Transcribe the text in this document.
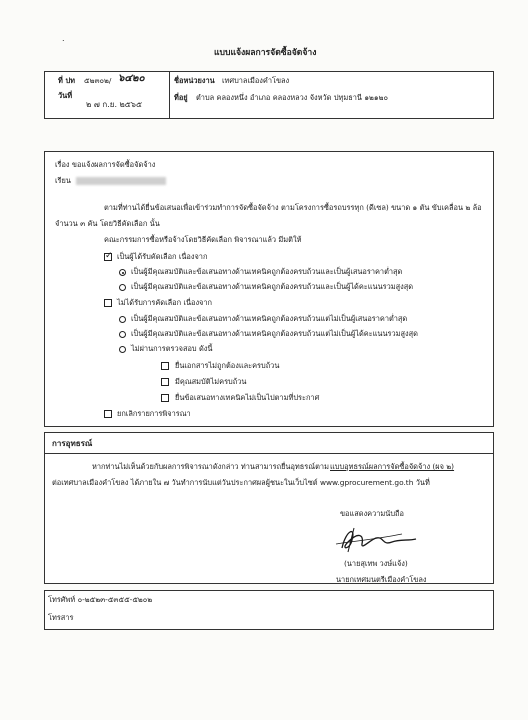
.
แบบแจ้งผลการจัดซื้อจัดจ้าง
ที่ ปท ๕๒๓๐๒/ ๖๔๒๐
วันที่
๒ ๗ ก.ย. ๒๕๖๕
ชื่อหน่วยงาน เทศบาลเมืองคำโขลง
ที่อยู่ ตำบล คลองหนึ่ง อำเภอ คลองหลวง จังหวัด ปทุมธานี ๑๒๑๒๐
เรื่อง ขอแจ้งผลการจัดซื้อจัดจ้าง
เรียน
ตามที่ท่านได้ยื่นข้อเสนอเพื่อเข้าร่วมทำการจัดซื้อจัดจ้าง ตามโครงการซื้อรถบรรทุก (ดีเซล) ขนาด ๑ ตัน ขับเคลื่อน ๒ ล้อ
จำนวน ๓ คัน โดยวิธีคัดเลือก นั้น
คณะกรรมการซื้อหรือจ้างโดยวิธีคัดเลือก พิจารณาแล้ว มีมติให้
✓
เป็นผู้ได้รับคัดเลือก เนื่องจาก
เป็นผู้มีคุณสมบัติและข้อเสนอทางด้านเทคนิคถูกต้องครบถ้วนและเป็นผู้เสนอราคาต่ำสุด
เป็นผู้มีคุณสมบัติและข้อเสนอทางด้านเทคนิคถูกต้องครบถ้วนและเป็นผู้ได้คะแนนรวมสูงสุด
ไม่ได้รับการคัดเลือก เนื่องจาก
เป็นผู้มีคุณสมบัติและข้อเสนอทางด้านเทคนิคถูกต้องครบถ้วนแต่ไม่เป็นผู้เสนอราคาต่ำสุด
เป็นผู้มีคุณสมบัติและข้อเสนอทางด้านเทคนิคถูกต้องครบถ้วนแต่ไม่เป็นผู้ได้คะแนนรวมสูงสุด
ไม่ผ่านการตรวจสอบ ดังนี้
ยื่นเอกสารไม่ถูกต้องและครบถ้วน
มีคุณสมบัติไม่ครบถ้วน
ยื่นข้อเสนอทางเทคนิคไม่เป็นไปตามที่ประกาศ
ยกเลิกรายการพิจารณา
การอุทธรณ์
หากท่านไม่เห็นด้วยกับผลการพิจารณาดังกล่าว ท่านสามารถยื่นอุทธรณ์ตาม แบบอุทธรณ์ผลการจัดซื้อจัดจ้าง (ผจ ๒)
ต่อเทศบาลเมืองคำโขลง ได้ภายใน ๗ วันทำการนับแต่วันประกาศผลผู้ชนะในเว็บไซต์ www.gprocurement.go.th วันที่
ขอแสดงความนับถือ
(นายสุเทพ วงษ์แจ้ง)
นายกเทศมนตรีเมืองคำโขลง
โทรศัพท์ ๐-๒๕๒๓-๕๓๕๕-๕๒๐๒
โทรสาร
